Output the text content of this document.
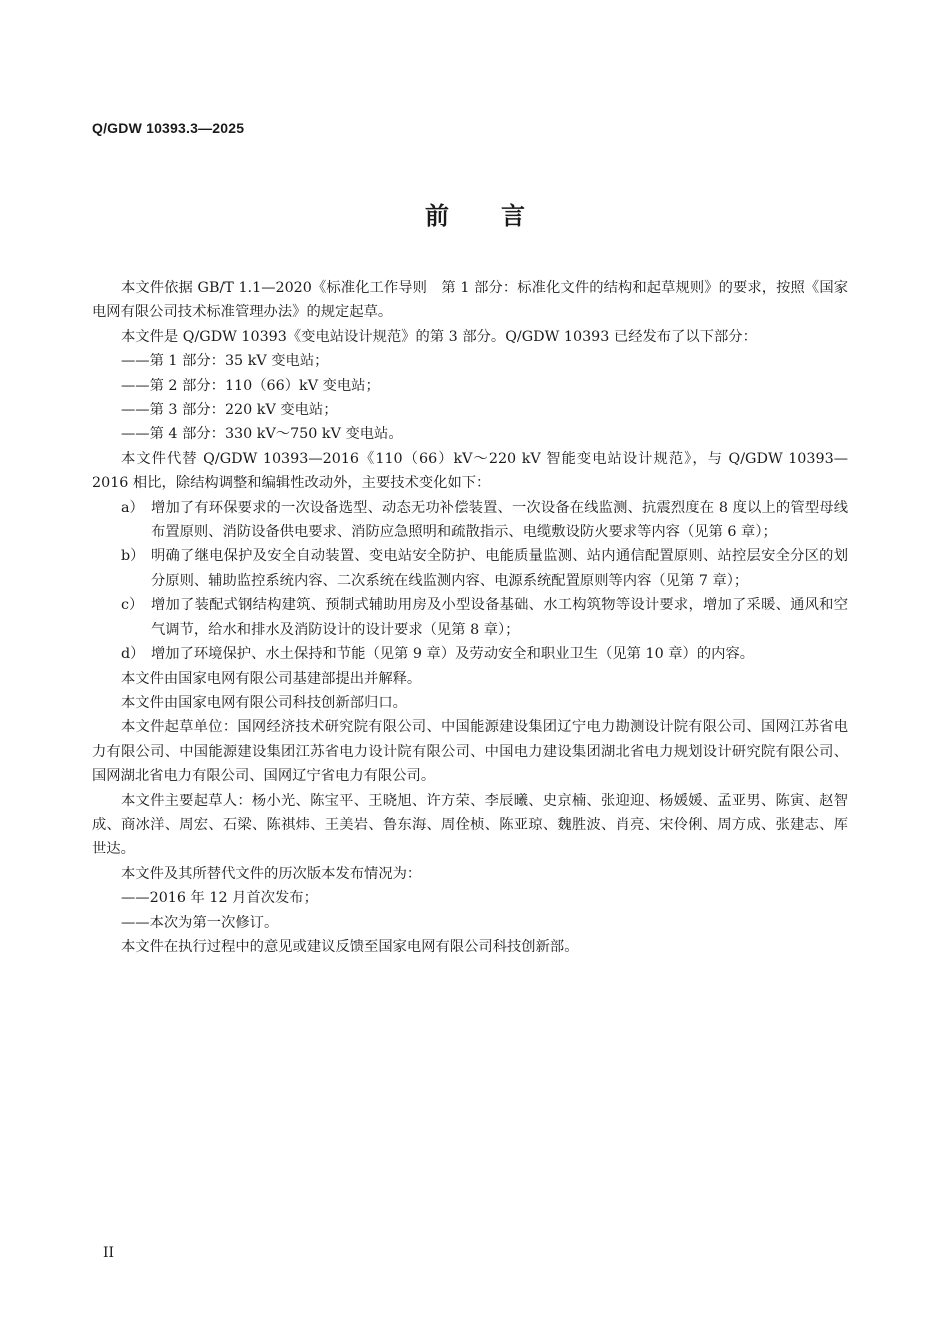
Q/GDW 10393.3—2025
前 言

本文件依据 GB/T 1.1—2020《标准化工作导则　第 1 部分：标准化文件的结构和起草规则》的要求，按照《国家电网有限公司技术标准管理办法》的规定起草。

本文件是 Q/GDW 10393《变电站设计规范》的第 3 部分。Q/GDW 10393 已经发布了以下部分：

——第 1 部分：35 kV 变电站；

——第 2 部分：110（66）kV 变电站；

——第 3 部分：220 kV 变电站；

——第 4 部分：330 kV～750 kV 变电站。

本文件代替 Q/GDW 10393—2016《110（66）kV～220 kV 智能变电站设计规范》，与 Q/GDW 10393—2016 相比，除结构调整和编辑性改动外，主要技术变化如下：

a） 增加了有环保要求的一次设备选型、动态无功补偿装置、一次设备在线监测、抗震烈度在 8 度以上的管型母线布置原则、消防设备供电要求、消防应急照明和疏散指示、电缆敷设防火要求等内容（见第 6 章）；
b） 明确了继电保护及安全自动装置、变电站安全防护、电能质量监测、站内通信配置原则、站控层安全分区的划分原则、辅助监控系统内容、二次系统在线监测内容、电源系统配置原则等内容（见第 7 章）；
c） 增加了装配式钢结构建筑、预制式辅助用房及小型设备基础、水工构筑物等设计要求，增加了采暖、通风和空气调节，给水和排水及消防设计的设计要求（见第 8 章）；
d） 增加了环境保护、水土保持和节能（见第 9 章）及劳动安全和职业卫生（见第 10 章）的内容。

本文件由国家电网有限公司基建部提出并解释。

本文件由国家电网有限公司科技创新部归口。

本文件起草单位：国网经济技术研究院有限公司、中国能源建设集团辽宁电力勘测设计院有限公司、国网江苏省电力有限公司、中国能源建设集团江苏省电力设计院有限公司、中国电力建设集团湖北省电力规划设计研究院有限公司、国网湖北省电力有限公司、国网辽宁省电力有限公司。

本文件主要起草人：杨小光、陈宝平、王晓旭、许方荣、李辰曦、史京楠、张迎迎、杨媛媛、孟亚男、陈寅、赵智成、商冰洋、周宏、石梁、陈祺炜、王美岩、鲁东海、周佺桢、陈亚琼、魏胜波、肖亮、宋伶俐、周方成、张建志、厍世达。

本文件及其所替代文件的历次版本发布情况为：

——2016 年 12 月首次发布；

——本次为第一次修订。

本文件在执行过程中的意见或建议反馈至国家电网有限公司科技创新部。

II
